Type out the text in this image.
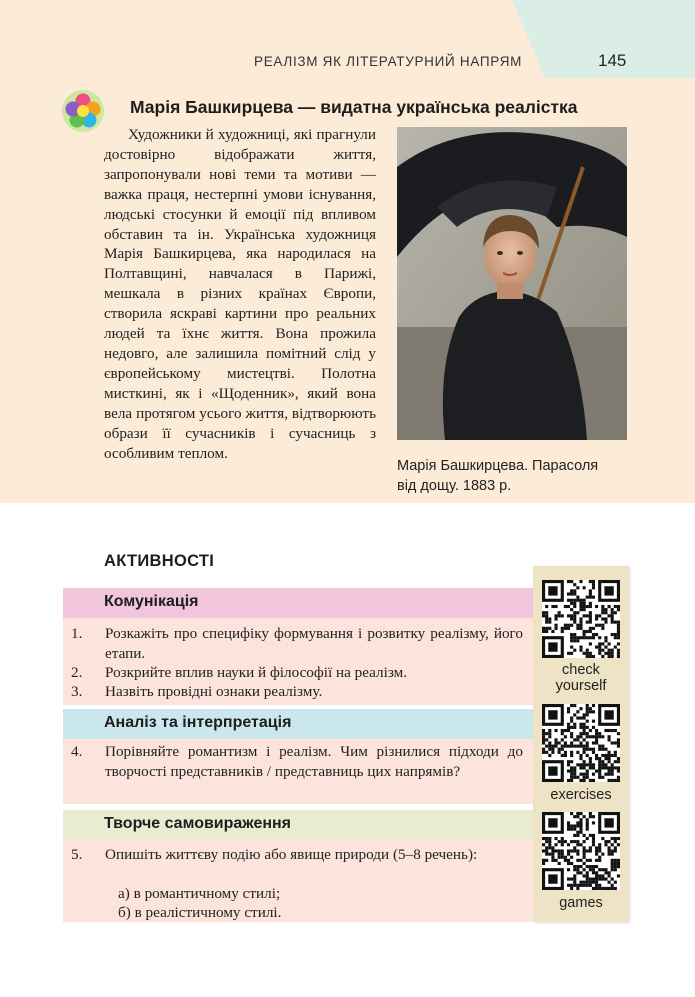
РЕАЛІЗМ ЯК ЛІТЕРАТУРНИЙ НАПРЯМ	145
Марія Башкирцева — видатна українська реалістка
Художники й художниці, які прагнули достовірно відображати життя, запропонували нові теми та мотиви — важка праця, нестерпні умови існування, людські стосунки й емоції під впливом обставин та ін. Українська художниця Марія Башкирцева, яка народилася на Полтавщині, навчалася в Парижі, мешкала в різних країнах Європи, створила яскраві картини про реальних людей та їхнє життя. Вона прожила недовго, але залишила помітний слід у європейському мистецтві. Полотна мисткині, як і «Щоденник», який вона вела протягом усього життя, відтворюють образи її сучасників і сучасниць з особливим теплом.
Марія Башкирцева. Парасоля
від дощу. 1883 р.
АКТИВНОСТІ
Комунікація
1.	Розкажіть про специфіку формування і розвитку реалізму, його етапи.
2.	Розкрийте вплив науки й філософії на реалізм.
3.	Назвіть провідні ознаки реалізму.
Аналіз та інтерпретація
4.	Порівняйте романтизм і реалізм. Чим різнилися підходи до творчості представників / представниць цих напрямів?
Творче самовираження
5.	Опишіть життєву подію або явище природи (5–8 речень):
а) в романтичному стилі;
б) в реалістичному стилі.
check
yourself
exercises
games
